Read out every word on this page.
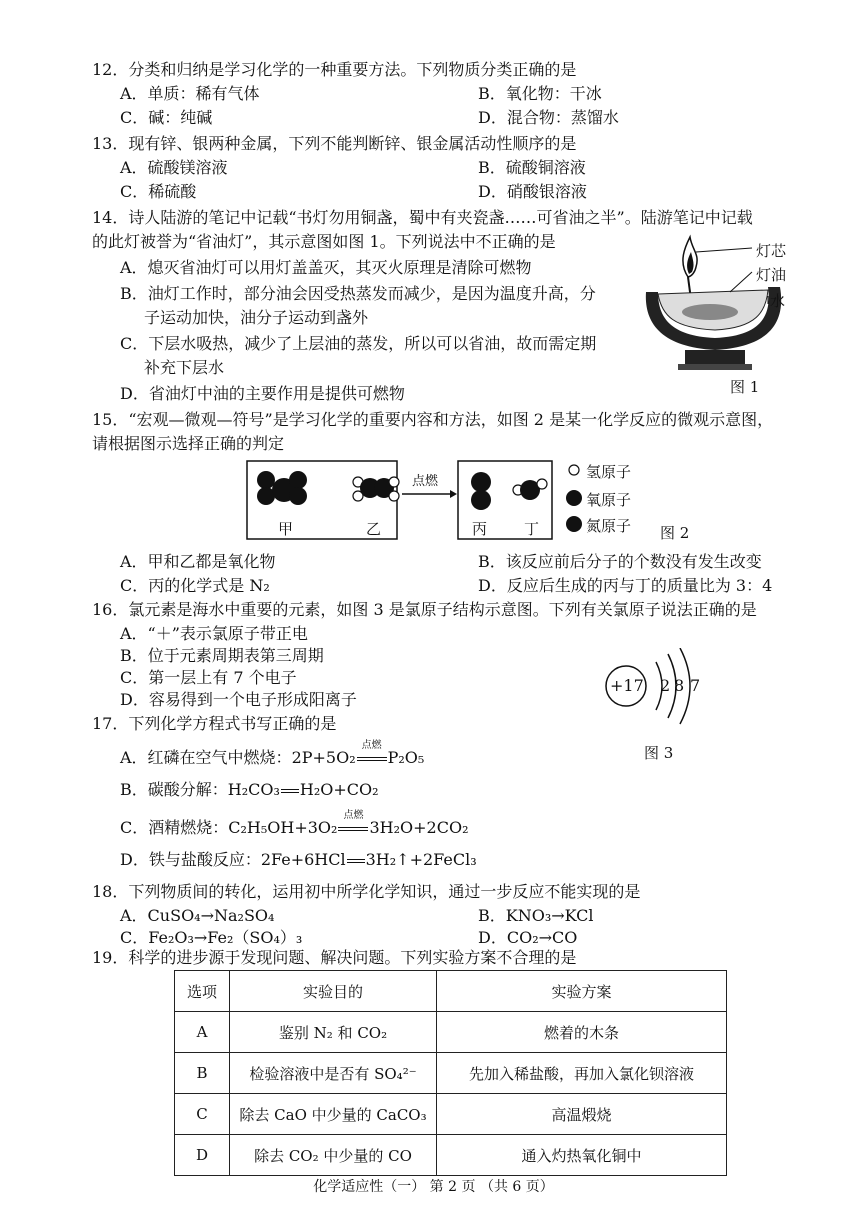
12．分类和归纳是学习化学的一种重要方法。下列物质分类正确的是
A．单质：稀有气体	B．氧化物：干冰
C．碱：纯碱	D．混合物：蒸馏水
13．现有锌、银两种金属，下列不能判断锌、银金属活动性顺序的是
A．硫酸镁溶液	B．硫酸铜溶液
C．稀硫酸	D．硝酸银溶液
14．诗人陆游的笔记中记载“书灯勿用铜盏，蜀中有夹瓷盏……可省油之半”。陆游笔记中记载
的此灯被誉为“省油灯”，其示意图如图 1。下列说法中不正确的是
A．熄灭省油灯可以用灯盖盖灭，其灭火原理是清除可燃物
B．油灯工作时，部分油会因受热蒸发而减少，是因为温度升高，分
子运动加快，油分子运动到盏外
C．下层水吸热，减少了上层油的蒸发，所以可以省油，故而需定期
补充下层水
D．省油灯中油的主要作用是提供可燃物
灯芯
灯油
水
图 1
15．“宏观—微观—符号”是学习化学的重要内容和方法，如图 2 是某一化学反应的微观示意图，
请根据图示选择正确的判定
甲	乙	丙 丁
点燃
氢原子
氧原子
氮原子 图 2
A．甲和乙都是氧化物	B．该反应前后分子的个数没有发生改变
C．丙的化学式是 N₂	D．反应后生成的丙与丁的质量比为 3：4
16．氯元素是海水中重要的元素，如图 3 是氯原子结构示意图。下列有关氯原子说法正确的是
A．“＋”表示氯原子带正电
B．位于元素周期表第三周期
C．第一层上有 7 个电子
D．容易得到一个电子形成阳离子
+17 2 8 7
图 3
17．下列化学方程式书写正确的是
A．红磷在空气中燃烧：2P+5O₂
点燃
P₂O₅
B．碳酸分解：H₂CO₃ H₂O+CO₂
C．酒精燃烧：C₂H₅OH+3O₂
点燃
3H₂O+2CO₂
D．铁与盐酸反应：2Fe+6HCl 3H₂↑+2FeCl₃
18．下列物质间的转化，运用初中所学化学知识，通过一步反应不能实现的是
A．CuSO₄→Na₂SO₄	B．KNO₃→KCl
C．Fe₂O₃→Fe₂（SO₄）₃	D．CO₂→CO
19．科学的进步源于发现问题、解决问题。下列实验方案不合理的是
选项	实验目的	实验方案
A	鉴别 N₂ 和 CO₂	燃着的木条
B	检验溶液中是否有 SO₄²⁻	先加入稀盐酸，再加入氯化钡溶液
C	除去 CaO 中少量的 CaCO₃	高温煅烧
D	除去 CO₂ 中少量的 CO	通入灼热氧化铜中
化学适应性（一） 第 2 页 （共 6 页）
